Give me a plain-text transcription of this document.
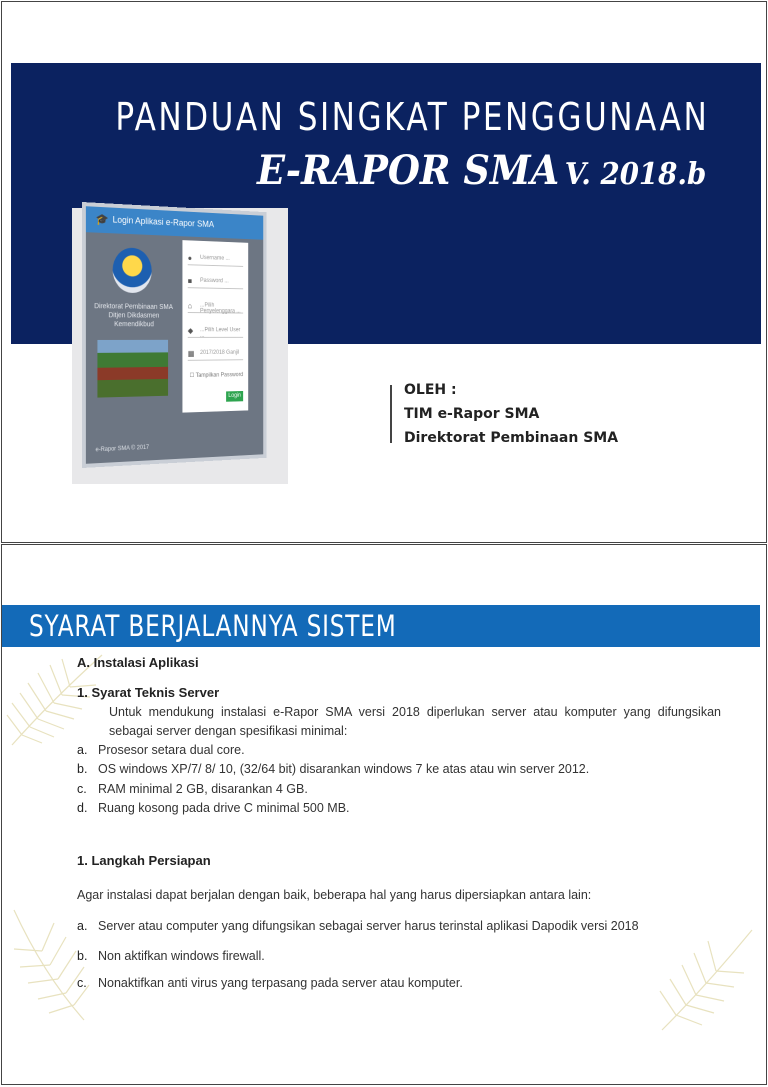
PANDUAN SINGKAT PENGGUNAAN
E-RAPOR SMA V. 2018.b
🎓 Login Aplikasi e-Rapor SMA
Direktorat Pembinaan SMA Ditjen Dikdasmen Kemendikbud
● Username ...
■ Password ...
⌂ ...Pilih Penyelenggara ...
◆ ...Pilih Level User ...
▦ 2017/2018 Ganjil
☐ Tampilkan Password
Login
e-Rapor SMA © 2017
OLEH :
TIM e-Rapor SMA
Direktorat Pembinaan SMA
SYARAT BERJALANNYA SISTEM
A. Instalasi Aplikasi
1. Syarat Teknis Server
Untuk mendukung instalasi e-Rapor SMA versi 2018 diperlukan server atau komputer yang difungsikan sebagai server dengan spesifikasi minimal:
a. Prosesor setara dual core.
b. OS windows XP/7/ 8/ 10, (32/64 bit) disarankan windows 7 ke atas atau win server 2012.
c. RAM minimal 2 GB, disarankan 4 GB.
d. Ruang kosong pada drive C minimal 500 MB.
1. Langkah Persiapan
Agar instalasi dapat berjalan dengan baik, beberapa hal yang harus dipersiapkan antara lain:
a. Server atau computer yang difungsikan sebagai server harus terinstal aplikasi Dapodik versi 2018
b. Non aktifkan windows firewall.
c. Nonaktifkan anti virus yang terpasang pada server atau komputer.
